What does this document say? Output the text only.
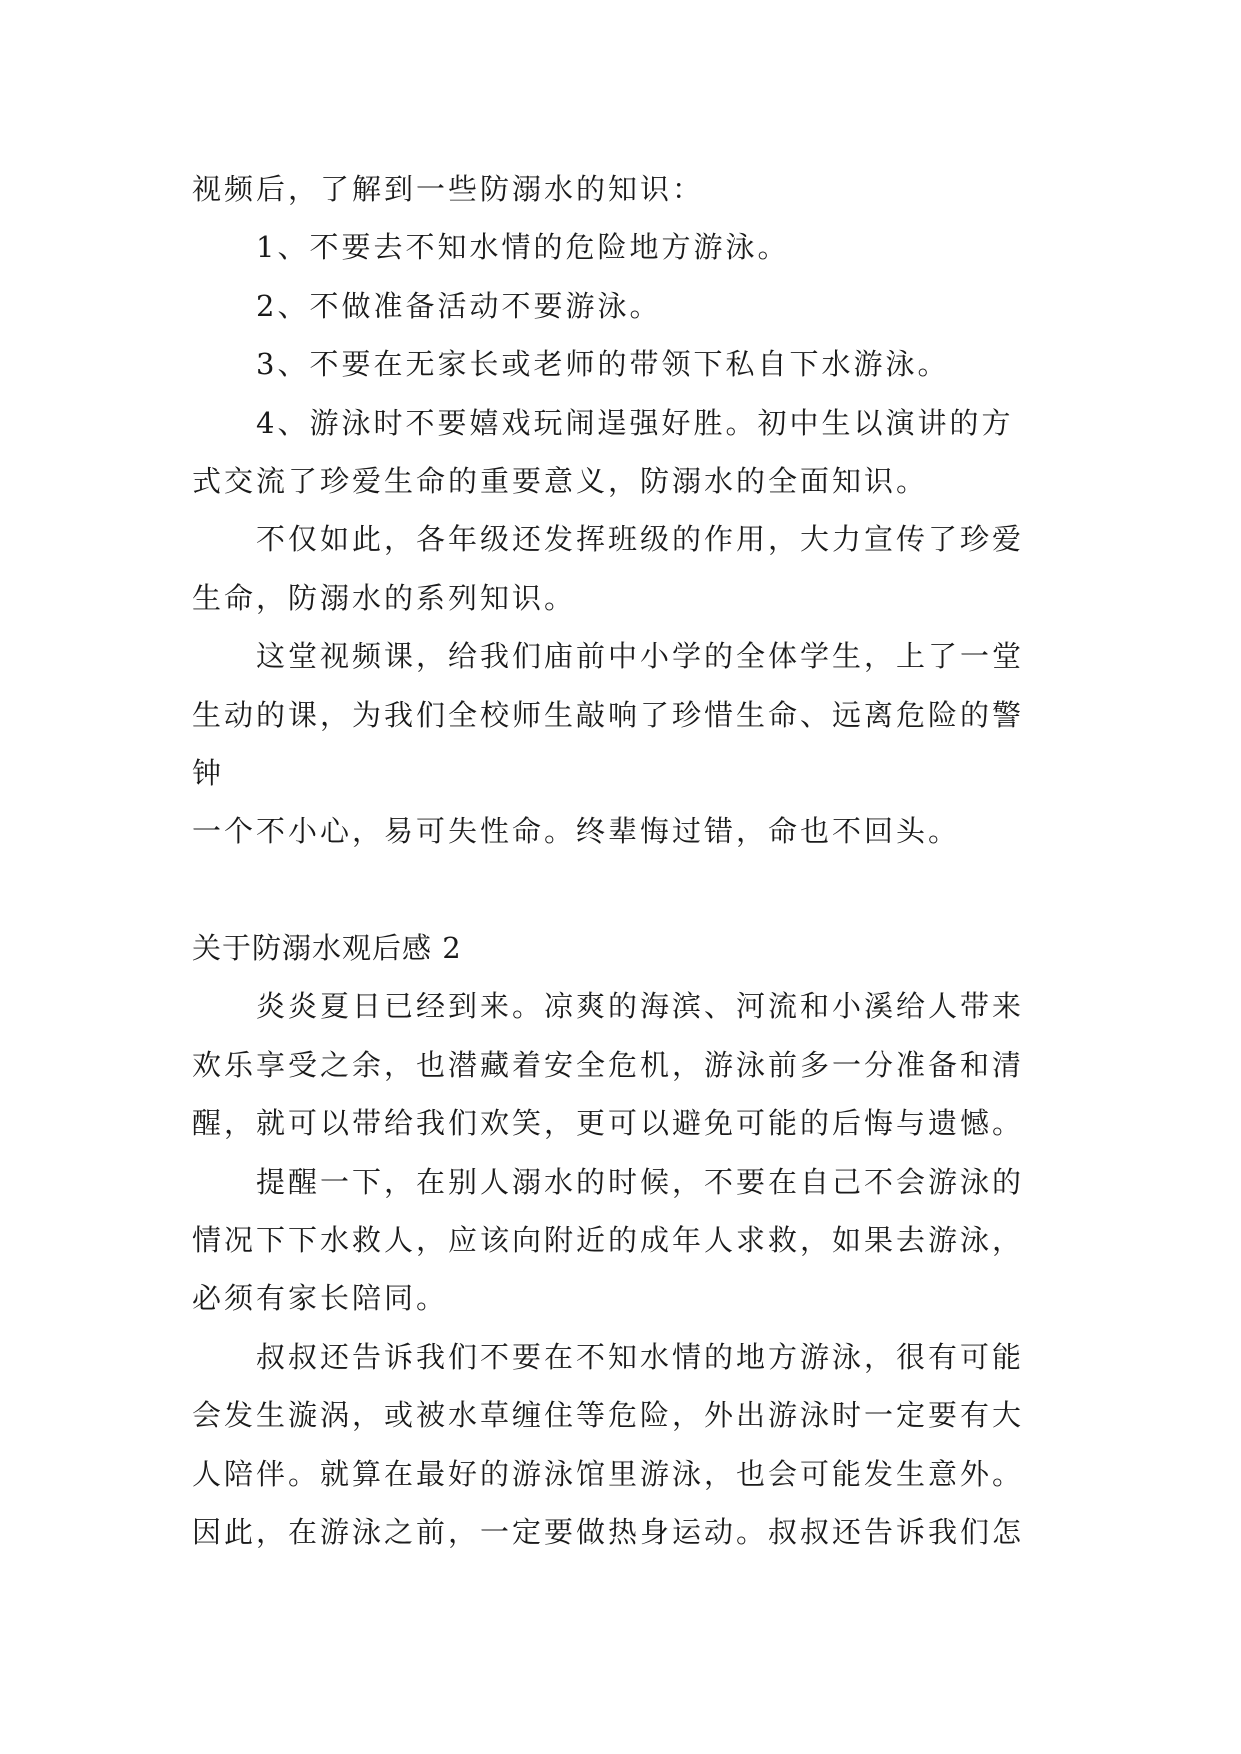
视频后，了解到一些防溺水的知识：
1、不要去不知水情的危险地方游泳。
2、不做准备活动不要游泳。
3、不要在无家长或老师的带领下私自下水游泳。
4、游泳时不要嬉戏玩闹逞强好胜。初中生以演讲的方
式交流了珍爱生命的重要意义，防溺水的全面知识。
不仅如此，各年级还发挥班级的作用，大力宣传了珍爱
生命，防溺水的系列知识。
这堂视频课，给我们庙前中小学的全体学生，上了一堂
生动的课，为我们全校师生敲响了珍惜生命、远离危险的警
钟
一个不小心，易可失性命。终辈悔过错，命也不回头。
关于防溺水观后感 2
炎炎夏日已经到来。凉爽的海滨、河流和小溪给人带来
欢乐享受之余，也潜藏着安全危机，游泳前多一分准备和清
醒，就可以带给我们欢笑，更可以避免可能的后悔与遗憾。
提醒一下，在别人溺水的时候，不要在自己不会游泳的
情况下下水救人，应该向附近的成年人求救，如果去游泳，
必须有家长陪同。
叔叔还告诉我们不要在不知水情的地方游泳，很有可能
会发生漩涡，或被水草缠住等危险，外出游泳时一定要有大
人陪伴。就算在最好的游泳馆里游泳，也会可能发生意外。
因此，在游泳之前，一定要做热身运动。叔叔还告诉我们怎
